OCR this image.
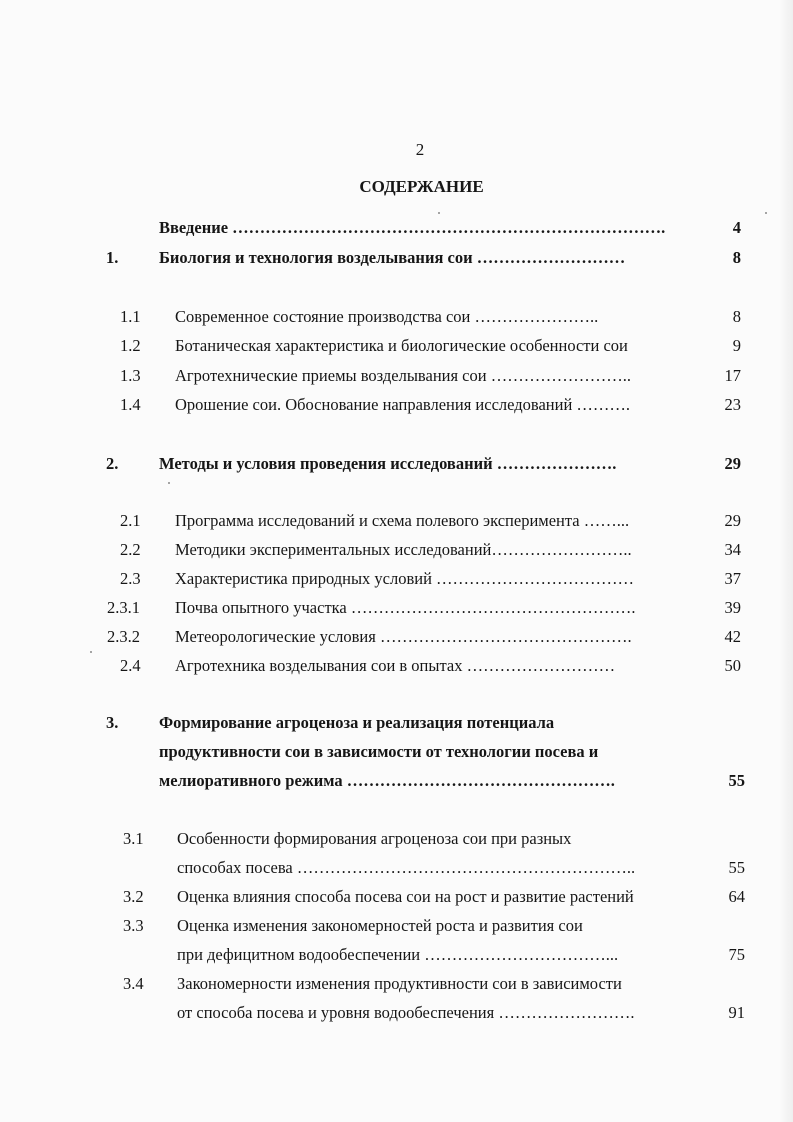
2
СОДЕРЖАНИЕ
Введение …………………………………………………………………….	4
1. Биология и технология возделывания сои ………………………	8
1.1 Современное состояние производства сои …………………..	8
1.2 Ботаническая характеристика и биологические особенности сои	9
1.3 Агротехнические приемы возделывания сои ……………………..	17
1.4 Орошение сои. Обоснование направления исследований ……….	23
2. Методы и условия проведения исследований ………………….	29
2.1 Программа исследований и схема полевого эксперимента ……...	29
2.2 Методики экспериментальных исследований……………………..	34
2.3 Характеристика природных условий ………………………………	37
2.3.1 Почва опытного участка …………………………………………….	39
2.3.2 Метеорологические условия ……………………………………….	42
2.4 Агротехника возделывания сои в опытах ………………………	50
3. Формирование агроценоза и реализация потенциала
продуктивности сои в зависимости от технологии посева и
мелиоративного режима ………………………………………….	55
3.1 Особенности формирования агроценоза сои при разных
способах посева ……………………………………………………..	55
3.2 Оценка влияния способа посева сои на рост и развитие растений	64
3.3 Оценка изменения закономерностей роста и развития сои
при дефицитном водообеспечении ……………………………...	75
3.4 Закономерности изменения продуктивности сои в зависимости
от способа посева и уровня водообеспечения …………………….	91
